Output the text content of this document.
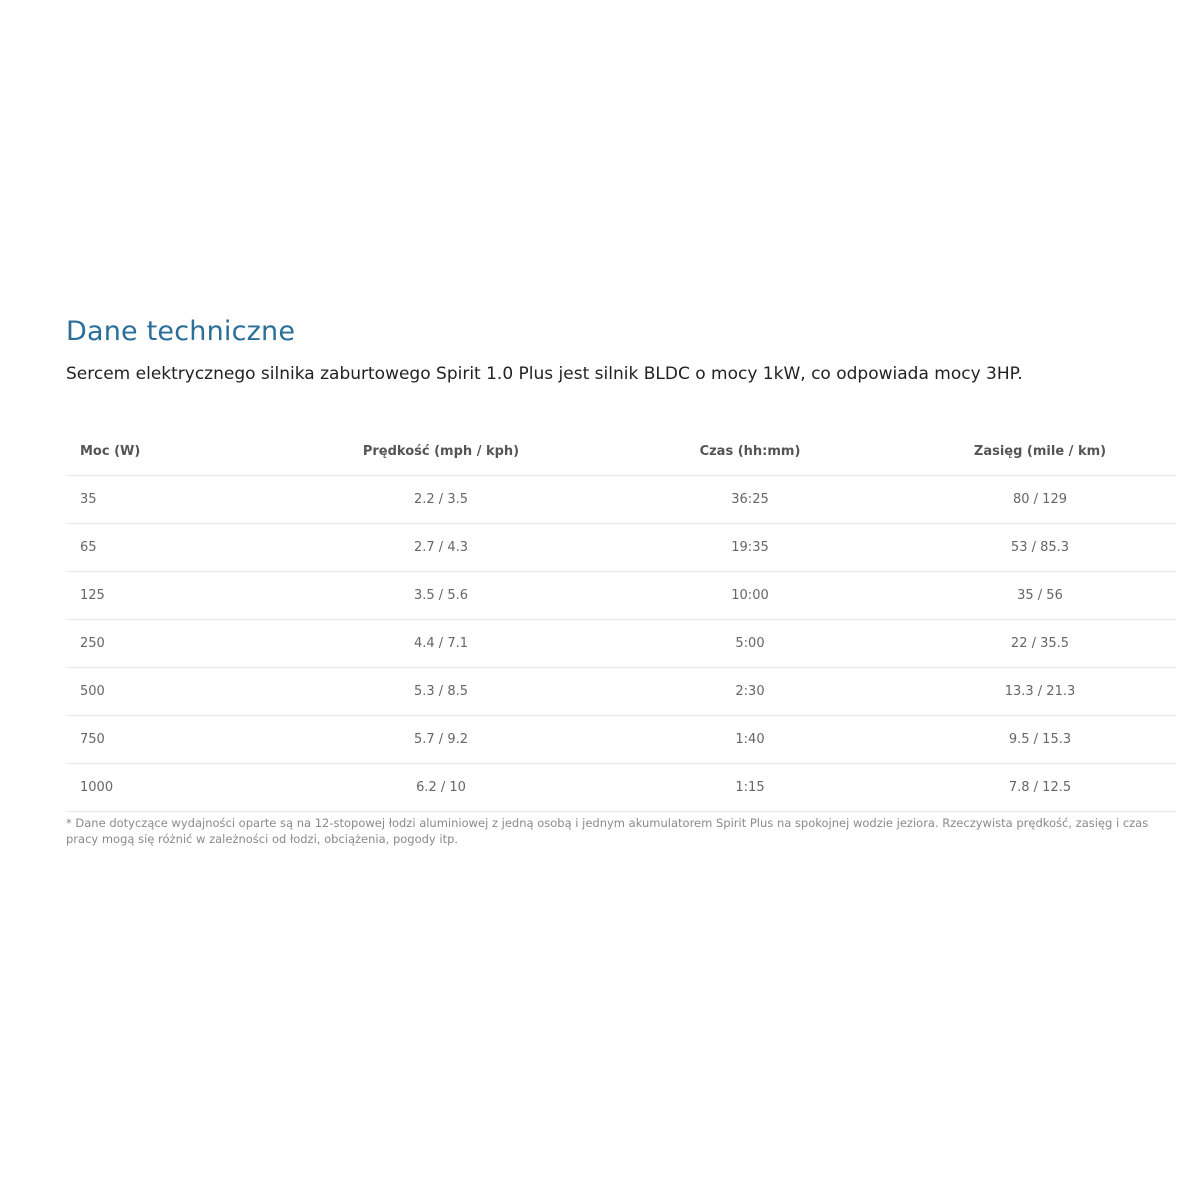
Dane techniczne

Sercem elektrycznego silnika zaburtowego Spirit 1.0 Plus jest silnik BLDC o mocy 1kW, co odpowiada mocy 3HP.

	Moc (W)	Prędkość (mph / kph)	Czas (hh:mm)	Zasięg (mile / km)
	35	2.2 / 3.5	36:25	80 / 129
	65	2.7 / 4.3	19:35	53 / 85.3
	125	3.5 / 5.6	10:00	35 / 56
	250	4.4 / 7.1	5:00	22 / 35.5
	500	5.3 / 8.5	2:30	13.3 / 21.3
	750	5.7 / 9.2	1:40	9.5 / 15.3
	1000	6.2 / 10	1:15	7.8 / 12.5

* Dane dotyczące wydajności oparte są na 12-stopowej łodzi aluminiowej z jedną osobą i jednym akumulatorem Spirit Plus na spokojnej wodzie jeziora. Rzeczywista prędkość, zasięg i czas pracy mogą się różnić w zależności od łodzi, obciążenia, pogody itp.
